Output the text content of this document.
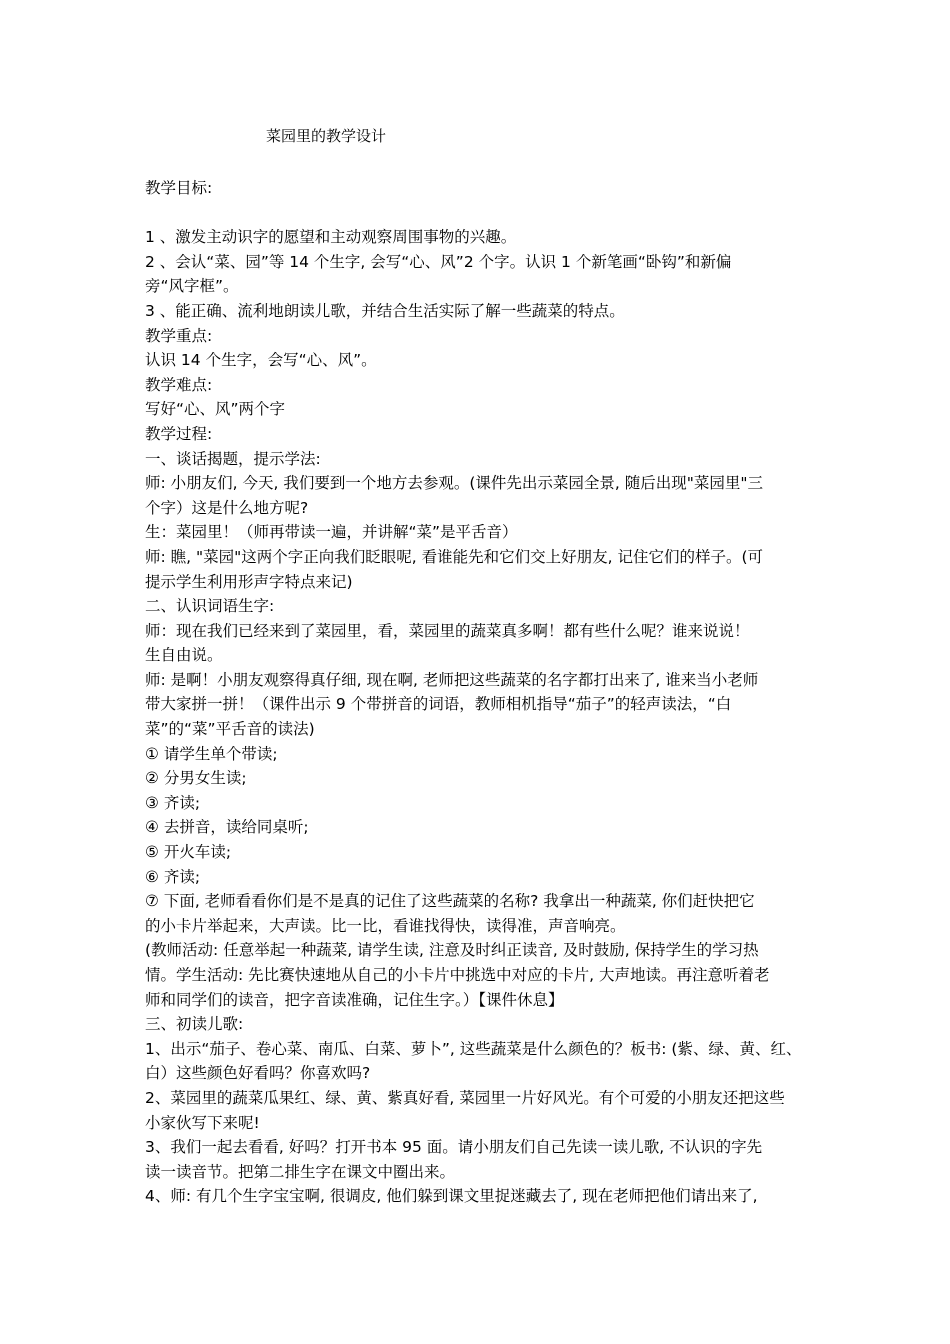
菜园里的教学设计
教学目标:
1 、激发主动识字的愿望和主动观察周围事物的兴趣。
2 、会认“菜、园”等 14 个生字, 会写“心、风”2 个字。认识 1 个新笔画“卧钩”和新偏
旁“风字框”。
3 、能正确、流利地朗读儿歌，并结合生活实际了解一些蔬菜的特点。
教学重点:
认识 14 个生字，会写“心、风”。
教学难点:
写好“心、风”两个字
教学过程:
一、谈话揭题，提示学法:
师: 小朋友们, 今天, 我们要到一个地方去参观。(课件先出示菜园全景, 随后出现"菜园里"三
个字）这是什么地方呢?
生：菜园里！（师再带读一遍，并讲解“菜”是平舌音）
师: 瞧, "菜园"这两个字正向我们眨眼呢, 看谁能先和它们交上好朋友, 记住它们的样子。(可
提示学生利用形声字特点来记)
二、认识词语生字:
师：现在我们已经来到了菜园里，看，菜园里的蔬菜真多啊！都有些什么呢？谁来说说！
生自由说。
师: 是啊！小朋友观察得真仔细, 现在啊, 老师把这些蔬菜的名字都打出来了, 谁来当小老师
带大家拼一拼！（课件出示 9 个带拼音的词语，教师相机指导“茄子”的轻声读法，“白
菜”的“菜”平舌音的读法)
① 请学生单个带读;
② 分男女生读;
③ 齐读;
④ 去拼音，读给同桌听;
⑤ 开火车读;
⑥ 齐读;
⑦ 下面, 老师看看你们是不是真的记住了这些蔬菜的名称? 我拿出一种蔬菜, 你们赶快把它
的小卡片举起来，大声读。比一比，看谁找得快，读得准，声音响亮。
(教师活动: 任意举起一种蔬菜, 请学生读, 注意及时纠正读音, 及时鼓励, 保持学生的学习热
情。学生活动: 先比赛快速地从自己的小卡片中挑选中对应的卡片, 大声地读。再注意听着老
师和同学们的读音，把字音读准确，记住生字。）【课件休息】
三、初读儿歌:
1、出示“茄子、卷心菜、南瓜、白菜、萝卜”, 这些蔬菜是什么颜色的？板书: (紫、绿、黄、红、
白）这些颜色好看吗？你喜欢吗?
2、菜园里的蔬菜瓜果红、绿、黄、紫真好看, 菜园里一片好风光。有个可爱的小朋友还把这些
小家伙写下来呢!
3、我们一起去看看, 好吗？打开书本 95 面。请小朋友们自己先读一读儿歌, 不认识的字先
读一读音节。把第二排生字在课文中圈出来。
4、师: 有几个生字宝宝啊, 很调皮, 他们躲到课文里捉迷藏去了, 现在老师把他们请出来了,
